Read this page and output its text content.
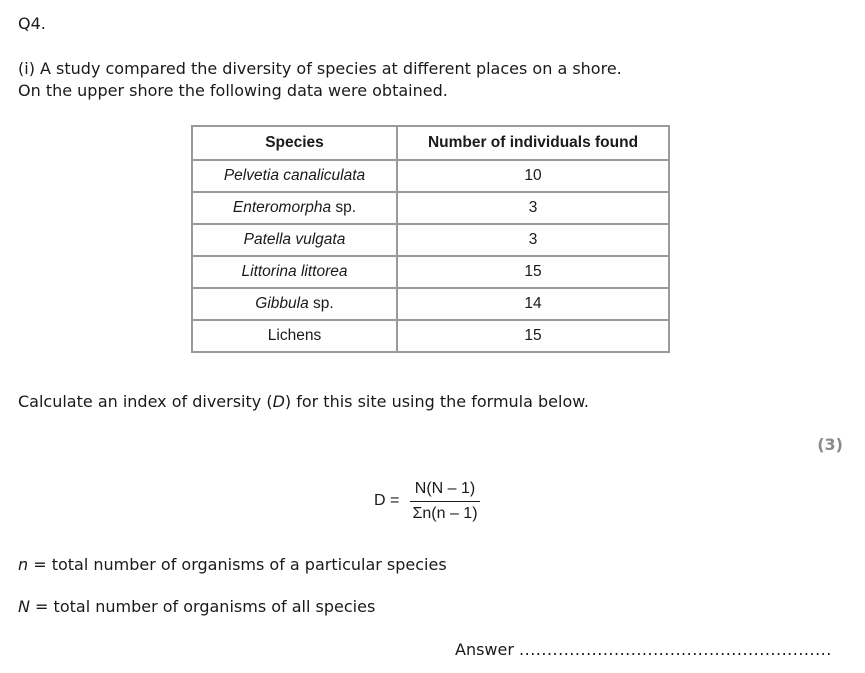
Q4.
(i) A study compared the diversity of species at different places on a shore.
On the upper shore the following data were obtained.
Species	Number of individuals found
Pelvetia canaliculata	10
Enteromorpha sp.	3
Patella vulgata	3
Littorina littorea	15
Gibbula sp.	14
Lichens	15
Calculate an index of diversity (D) for this site using the formula below.
(3)
$D = \frac{N(N - 1)}{\Sigma n(n - 1)}$
n = total number of organisms of a particular species
N = total number of organisms of all species
Answer ........................................................
